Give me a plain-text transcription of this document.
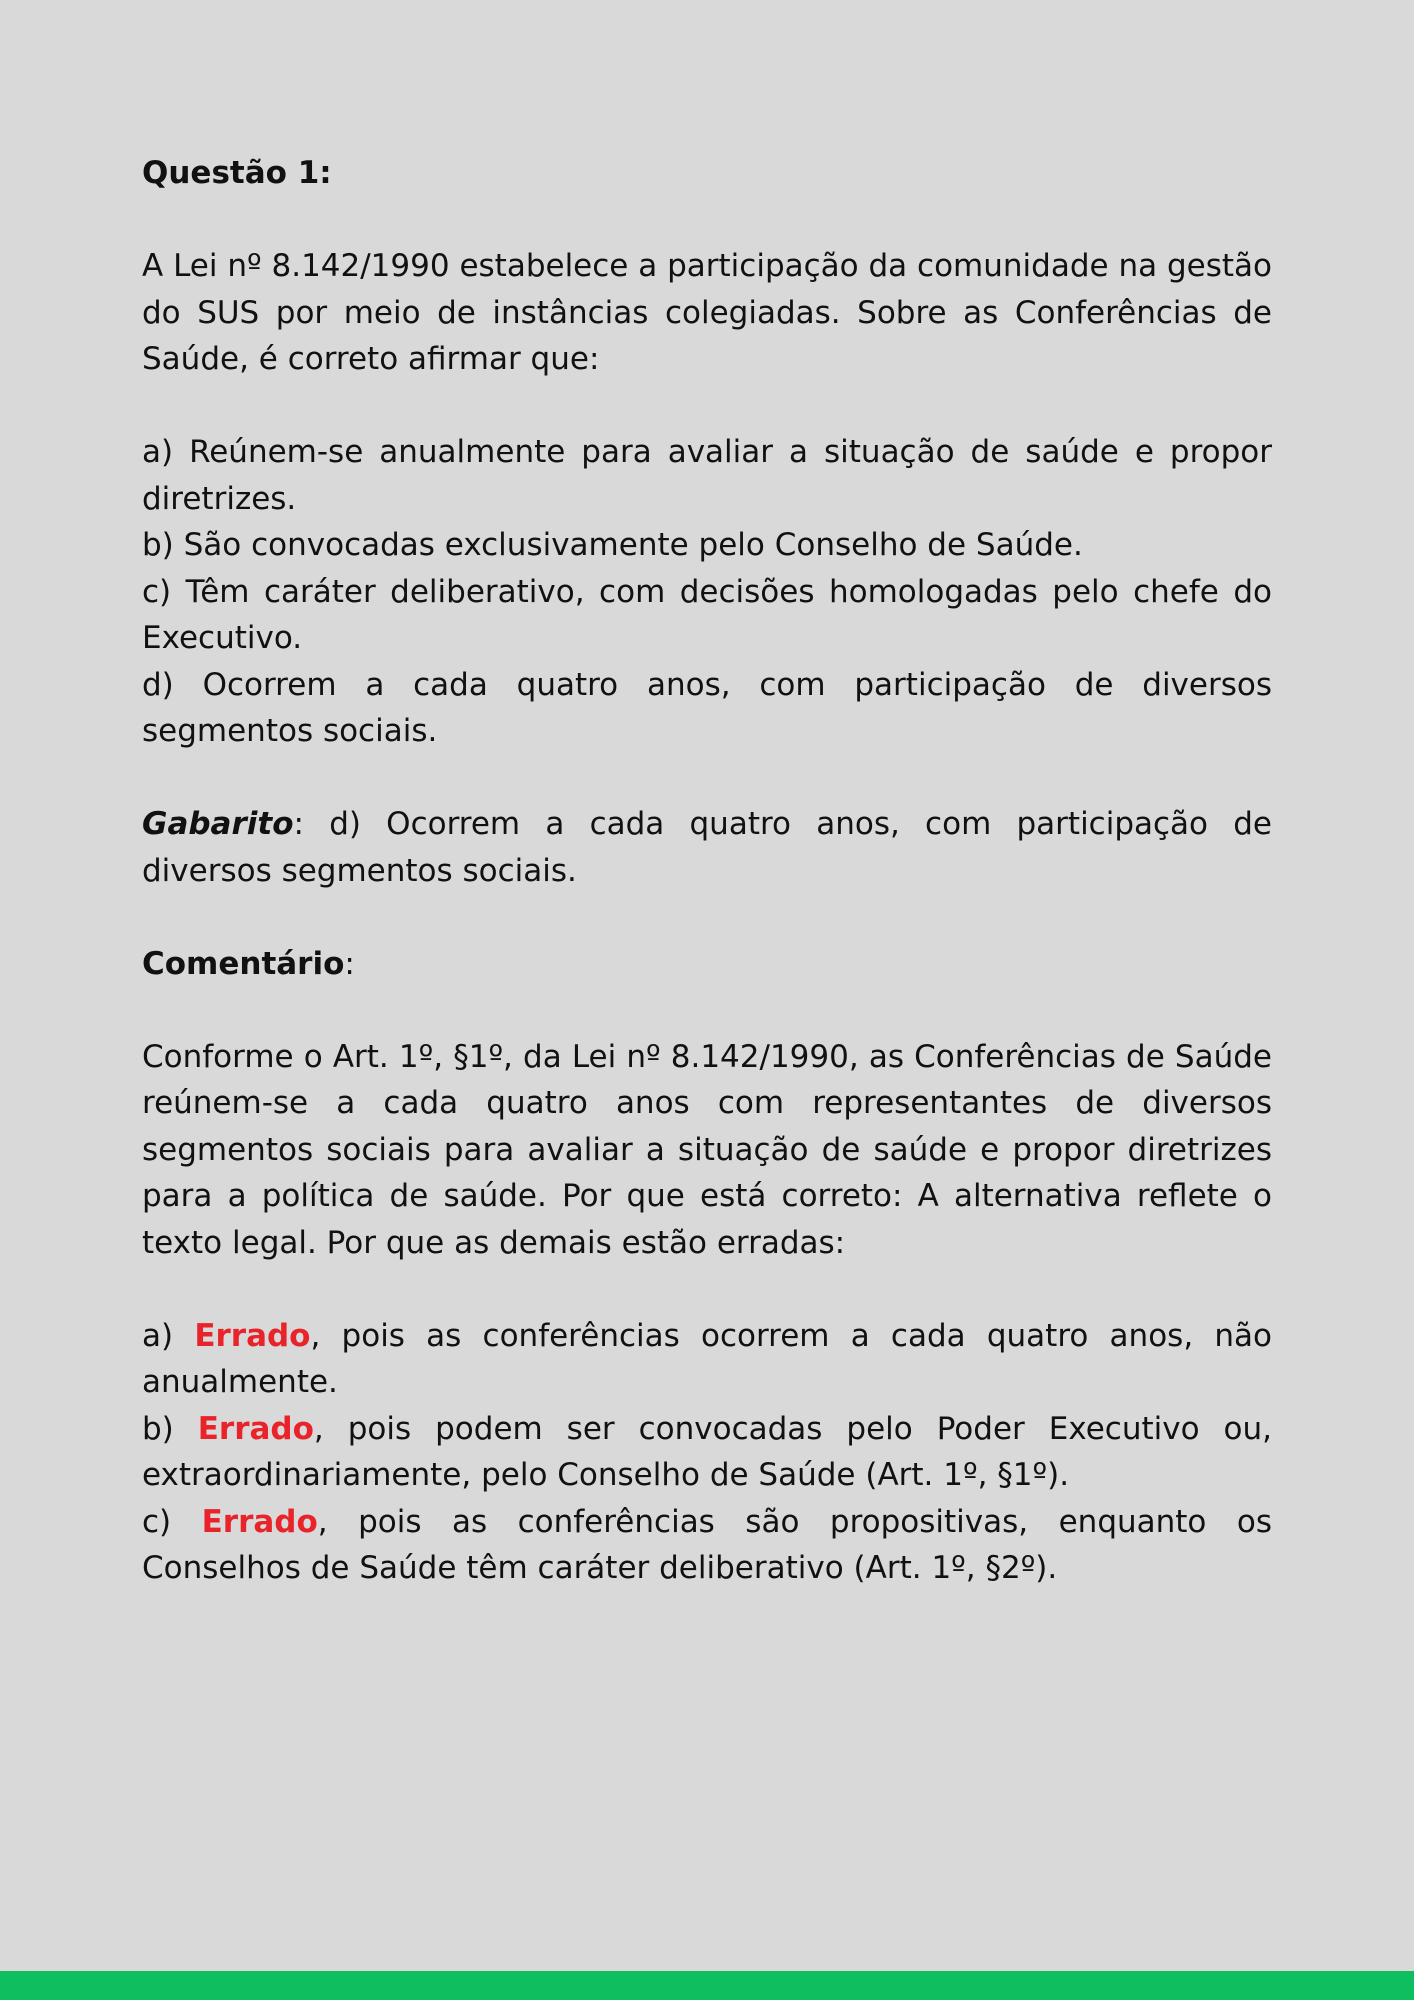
Questão 1:

A Lei nº 8.142/1990 estabelece a participação da comunidade na gestão do SUS por meio de instâncias colegiadas. Sobre as Conferências de Saúde, é correto afirmar que:

a) Reúnem-se anualmente para avaliar a situação de saúde e propor diretrizes.

b) São convocadas exclusivamente pelo Conselho de Saúde.

c) Têm caráter deliberativo, com decisões homologadas pelo chefe do Executivo.

d) Ocorrem a cada quatro anos, com participação de diversos segmentos sociais.

Gabarito: d) Ocorrem a cada quatro anos, com participação de diversos segmentos sociais.

Comentário:

Conforme o Art. 1º, §1º, da Lei nº 8.142/1990, as Conferências de Saúde reúnem-se a cada quatro anos com representantes de diversos segmentos sociais para avaliar a situação de saúde e propor diretrizes para a política de saúde. Por que está correto: A alternativa reflete o texto legal. Por que as demais estão erradas:

a) Errado, pois as conferências ocorrem a cada quatro anos, não anualmente.

b) Errado, pois podem ser convocadas pelo Poder Executivo ou, extraordinariamente, pelo Conselho de Saúde (Art. 1º, §1º).

c) Errado, pois as conferências são propositivas, enquanto os Conselhos de Saúde têm caráter deliberativo (Art. 1º, §2º).
